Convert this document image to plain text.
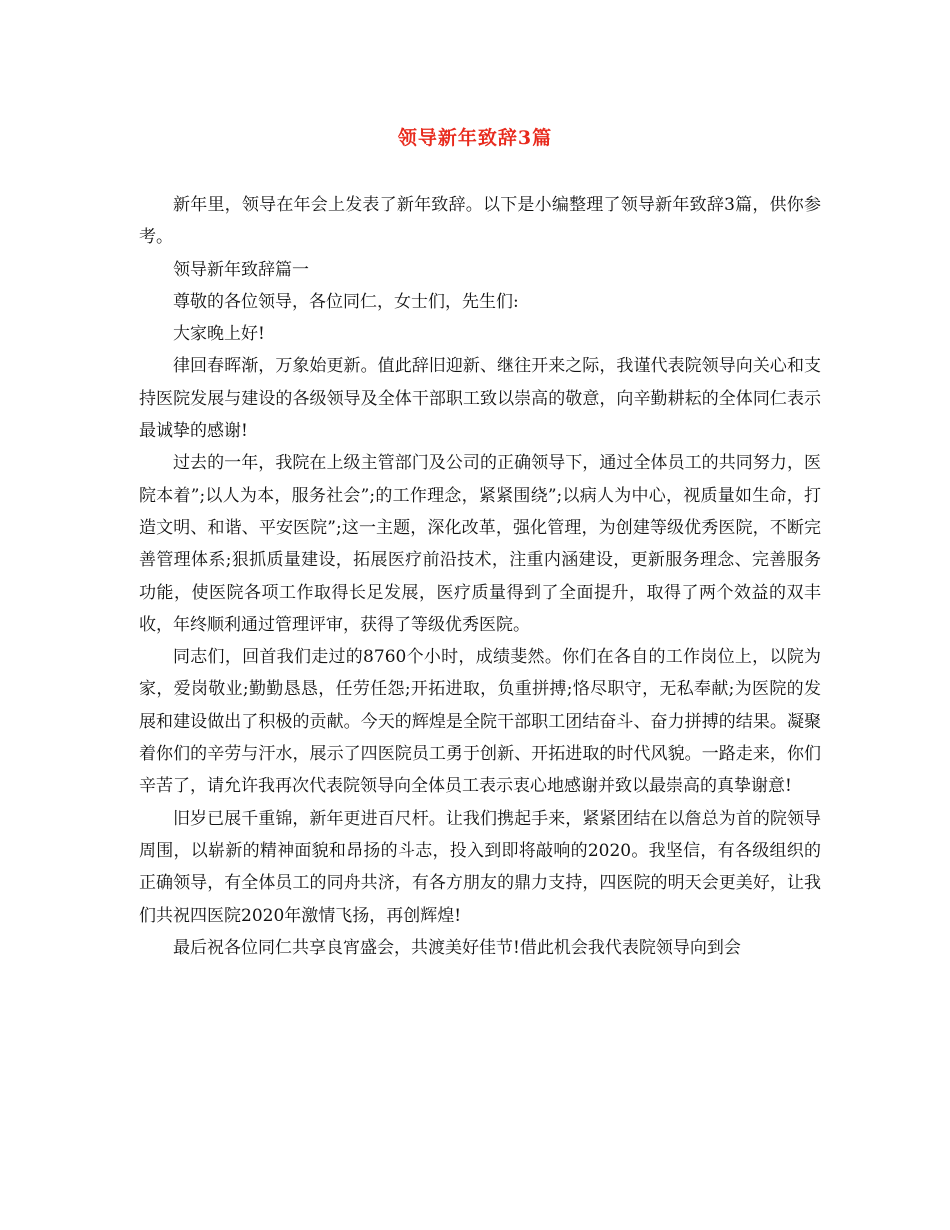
领导新年致辞3篇

新年里，领导在年会上发表了新年致辞。以下是小编整理了领导新年致辞3篇，供你参考。

领导新年致辞篇一

尊敬的各位领导，各位同仁，女士们，先生们:

大家晚上好!

律回春晖渐，万象始更新。值此辞旧迎新、继往开来之际，我谨代表院领导向关心和支持医院发展与建设的各级领导及全体干部职工致以崇高的敬意，向辛勤耕耘的全体同仁表示最诚挚的感谢!

过去的一年，我院在上级主管部门及公司的正确领导下，通过全体员工的共同努力，医院本着”;以人为本，服务社会”;的工作理念，紧紧围绕”;以病人为中心，视质量如生命，打造文明、和谐、平安医院”;这一主题，深化改革，强化管理，为创建等级优秀医院，不断完善管理体系;狠抓质量建设，拓展医疗前沿技术，注重内涵建设，更新服务理念、完善服务功能，使医院各项工作取得长足发展，医疗质量得到了全面提升，取得了两个效益的双丰收，年终顺利通过管理评审，获得了等级优秀医院。

同志们，回首我们走过的8760个小时，成绩斐然。你们在各自的工作岗位上，以院为家，爱岗敬业;勤勤恳恳，任劳任怨;开拓进取，负重拼搏;恪尽职守，无私奉献;为医院的发展和建设做出了积极的贡献。今天的辉煌是全院干部职工团结奋斗、奋力拼搏的结果。凝聚着你们的辛劳与汗水，展示了四医院员工勇于创新、开拓进取的时代风貌。一路走来，你们辛苦了，请允许我再次代表院领导向全体员工表示衷心地感谢并致以最崇高的真挚谢意!

旧岁已展千重锦，新年更进百尺杆。让我们携起手来，紧紧团结在以詹总为首的院领导周围，以崭新的精神面貌和昂扬的斗志，投入到即将敲响的2020。我坚信，有各级组织的正确领导，有全体员工的同舟共济，有各方朋友的鼎力支持，四医院的明天会更美好，让我们共祝四医院2020年激情飞扬，再创辉煌!

最后祝各位同仁共享良宵盛会，共渡美好佳节!借此机会我代表院领导向到会
